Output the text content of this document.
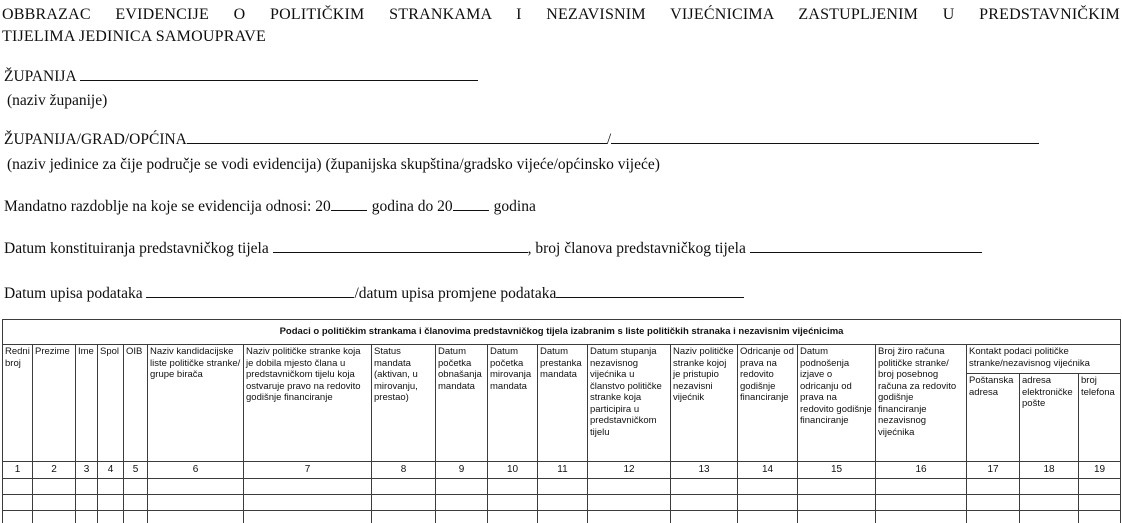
OBBRAZAC EVIDENCIJE O POLITIČKIM STRANKAMA I NEZAVISNIM VIJEĆNICIMA ZASTUPLJENIM U PREDSTAVNIČKIM
TIJELIMA JEDINICA SAMOUPRAVE
ŽUPANIJA
(naziv županije)
ŽUPANIJA/GRAD/OPĆINA	/
(naziv jedinice za čije područje se vodi evidencija) (županijska skupština/gradsko vijeće/općinsko vijeće)
Mandatno razdoblje na koje se evidencija odnosi: 20	godina do 20	godina
Datum konstituiranja predstavničkog tijela	, broj članova predstavničkog tijela
Datum upisa podataka	/datum upisa promjene podataka
Podaci o političkim strankama i članovima predstavničkog tijela izabranim s liste političkih stranaka i nezavisnim vijećnicima																		
Redni broj	Prezime	Ime	Spol	OIB	Naziv kandidacijske liste političke stranke/ grupe birača	Naziv političke stranke koja je dobila mjesto člana u predstavničkom tijelu koja ostvaruje pravo na redovito godišnje financiranje	Status mandata (aktivan, u mirovanju, prestao)	Datum početka obnašanja mandata	Datum početka mirovanja mandata	Datum prestanka mandata	Datum stupanja nezavisnog vijećnika u članstvo političke stranke koja participira u predstavničkom tijelu	Naziv političke stranke kojoj je pristupio nezavisni vijećnik	Odricanje od prava na redovito godišnje financiranje	Datum podnošenja izjave o odricanju od prava na redovito godišnje financiranje	Broj žiro računa političke stranke/ broj posebnog računa za redovito godišnje financiranje nezavisnog vijećnika	Kontakt podaci političke stranke/nezavisnog vijećnika		
																Poštanska adresa	adresa elektroničke pošte	broj telefona
1	2	3	4	5	6	7	8	9	10	11	12	13	14	15	16	17	18	19
